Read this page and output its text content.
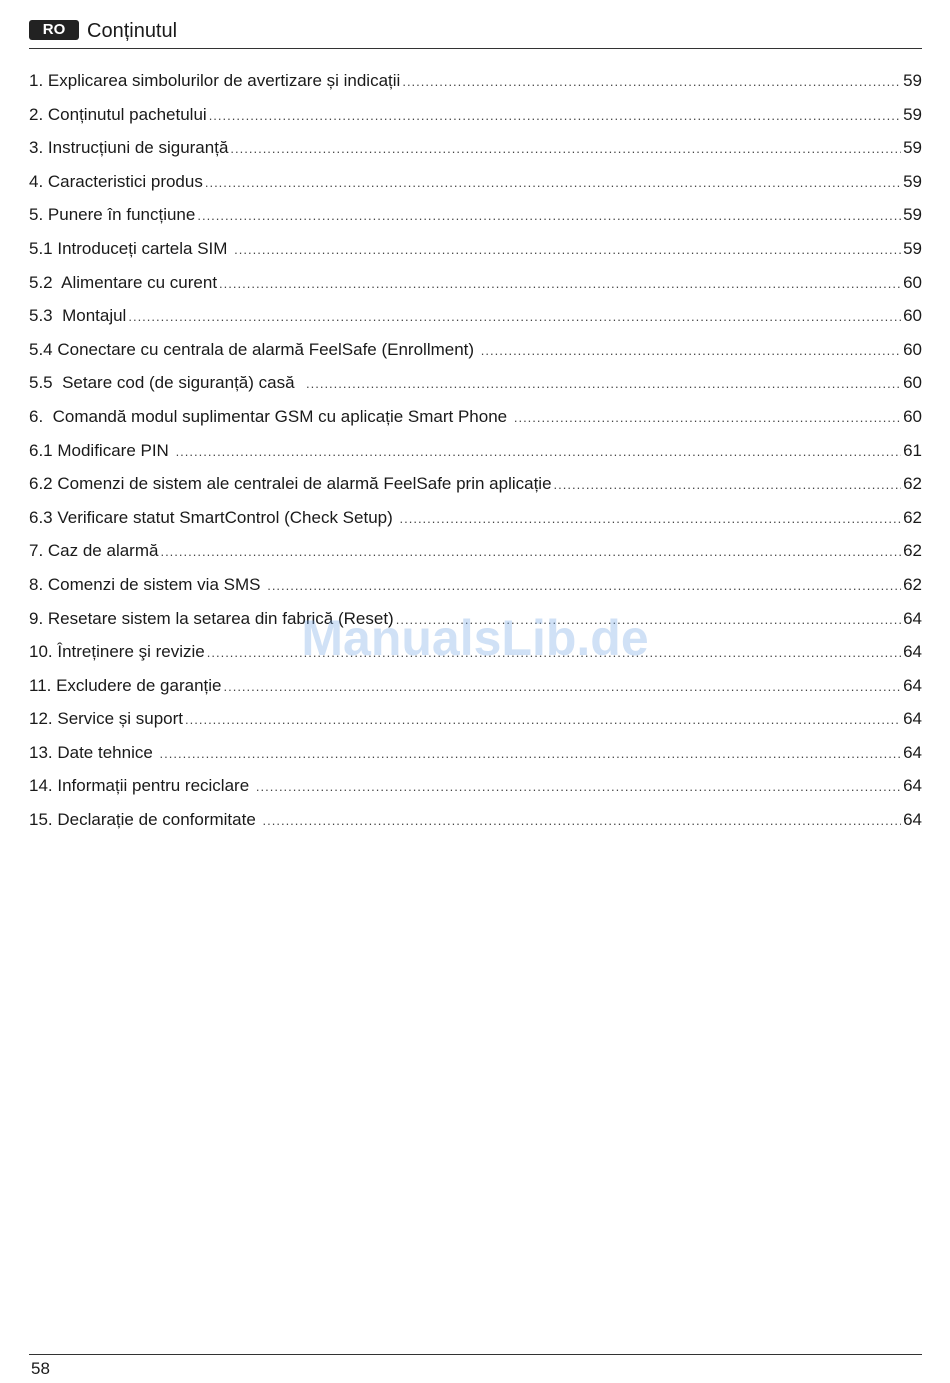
RO	Conținutul
1. Explicarea simbolurilor de avertizare și indicații .....	59
2. Conținutul pachetului .....	59
3. Instrucțiuni de siguranță .....	59
4. Caracteristici produs .....	59
5. Punere în funcțiune .....	59
5.1 Introduceți cartela SIM .....	59
5.2  Alimentare cu curent .....	60
5.3  Montajul .....	60
5.4 Conectare cu centrala de alarmă FeelSafe (Enrollment) .....	60
5.5  Setare cod (de siguranță) casă .....	60
6.  Comandă modul suplimentar GSM cu aplicație Smart Phone .....	60
6.1 Modificare PIN .....	61
6.2 Comenzi de sistem ale centralei de alarmă FeelSafe prin aplicație .....	62
6.3 Verificare statut SmartControl (Check Setup) .....	62
7. Caz de alarmă .....	62
8. Comenzi de sistem via SMS .....	62
9. Resetare sistem la setarea din fabrică (Reset) .....	64
10. Întreținere şi revizie .....	64
11. Excludere de garanție .....	64
12. Service și suport .....	64
13. Date tehnice .....	64
14. Informații pentru reciclare .....	64
15. Declarație de conformitate .....	64
ManualsLib.de
58
